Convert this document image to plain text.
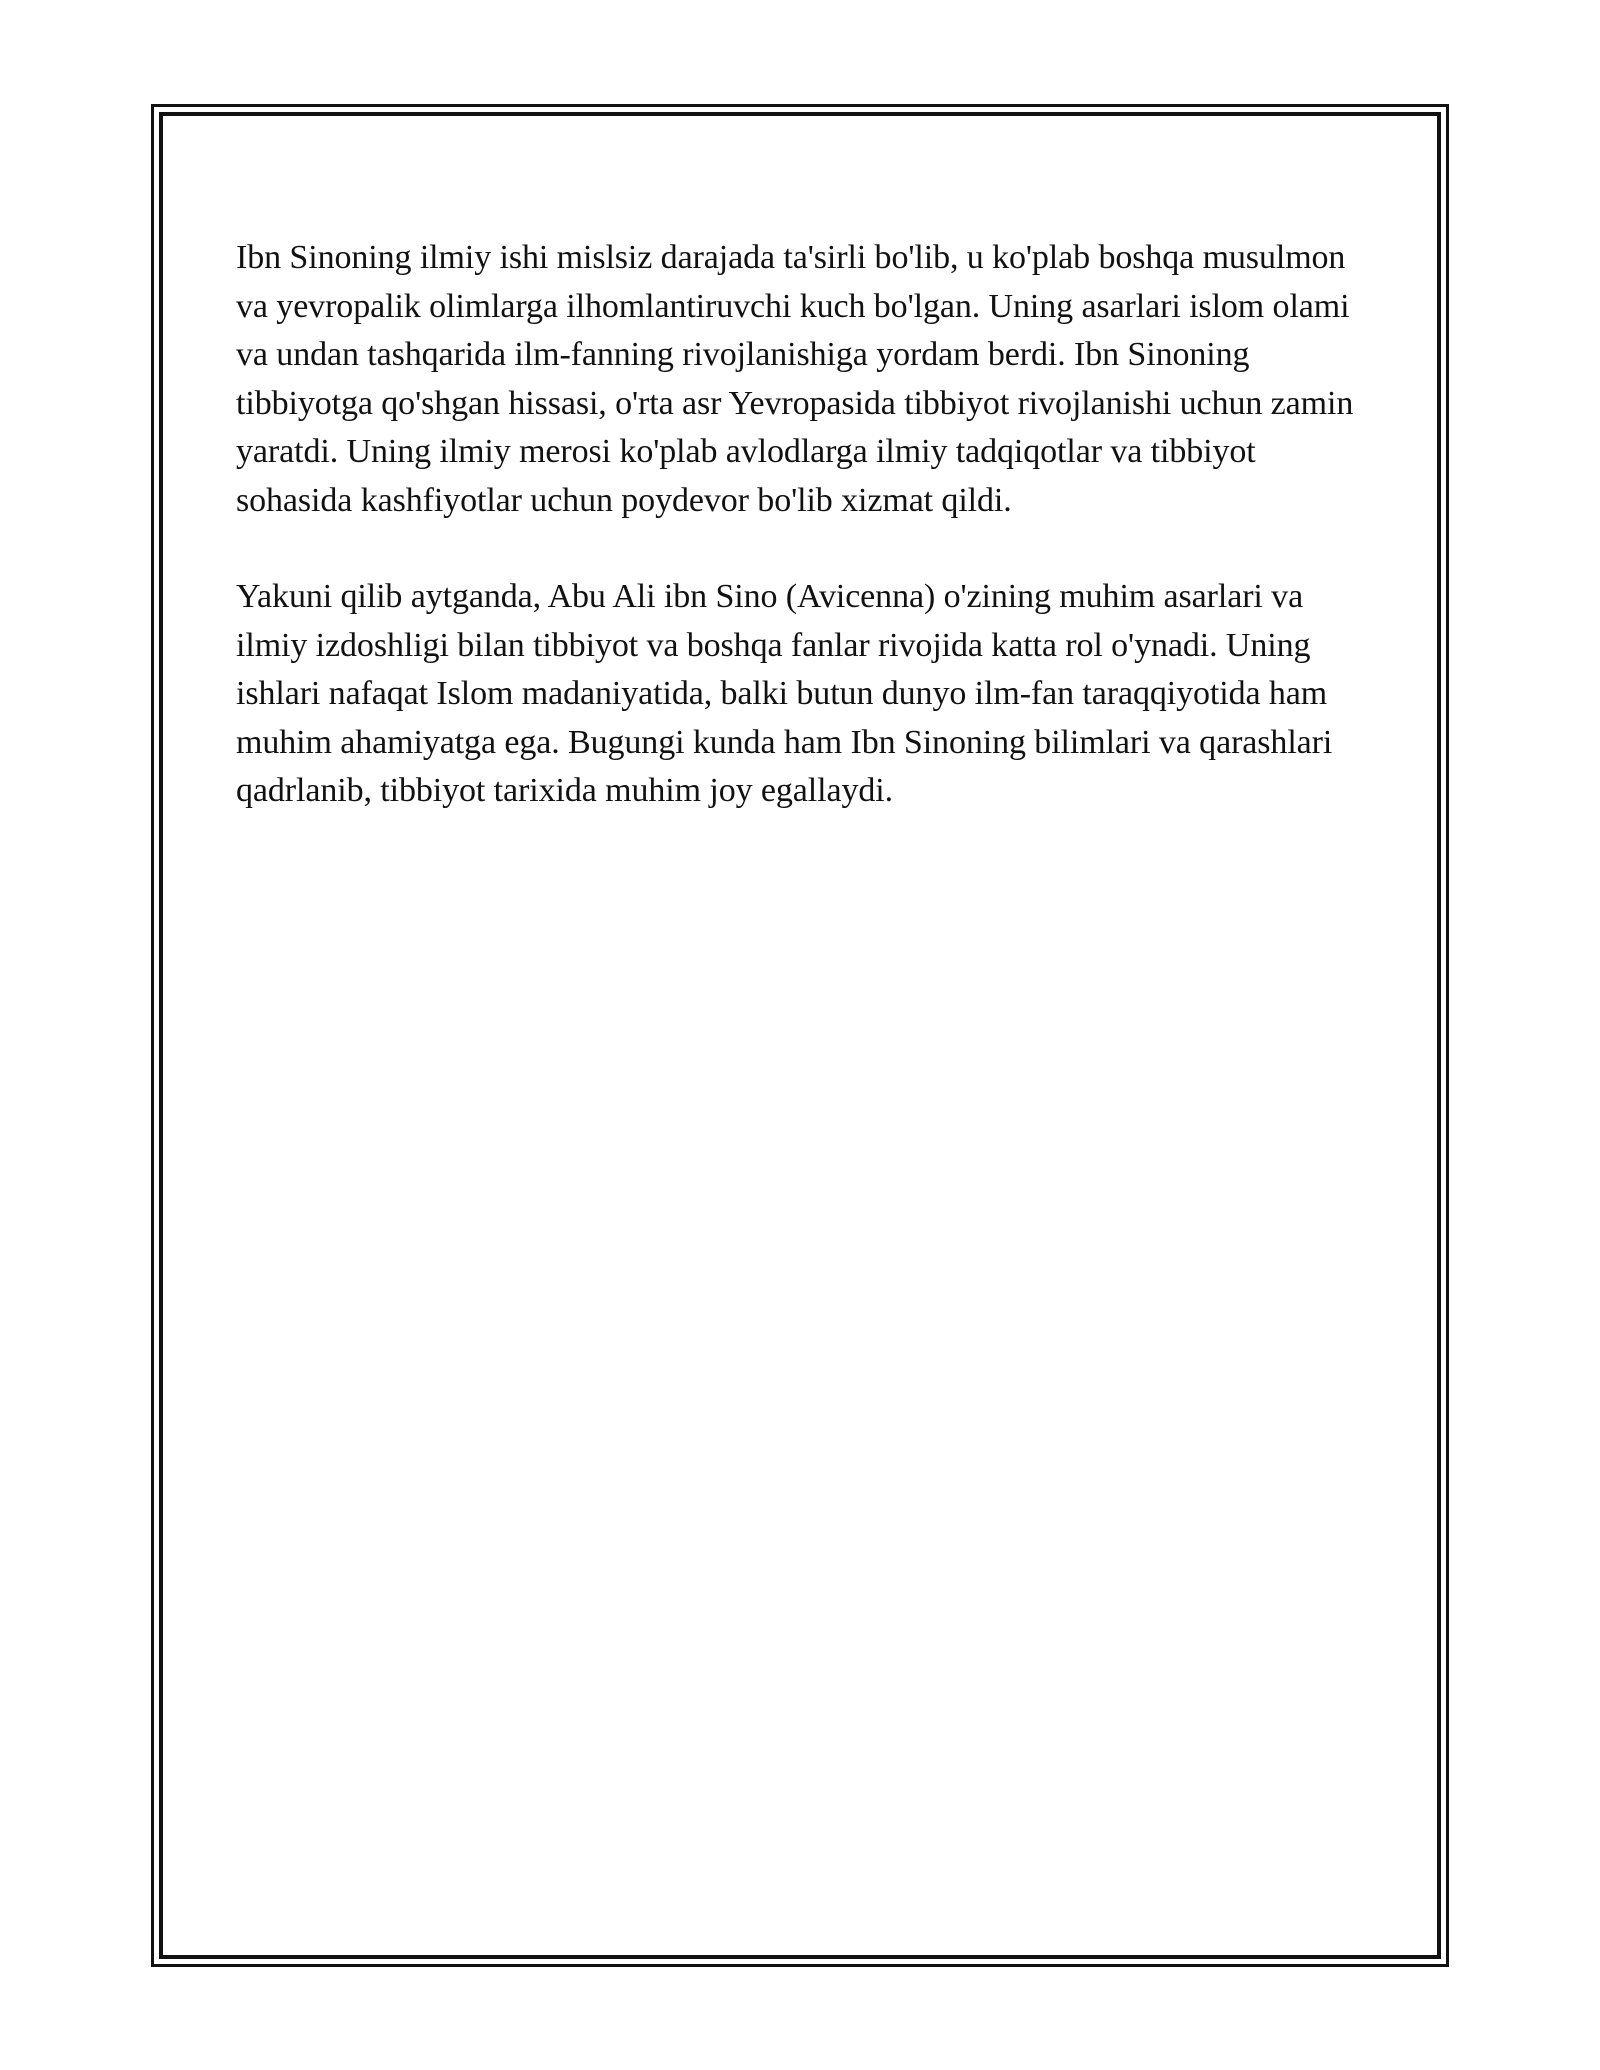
Ibn Sinoning ilmiy ishi mislsiz darajada ta'sirli bo'lib, u ko'plab boshqa musulmon va yevropalik olimlarga ilhomlantiruvchi kuch bo'lgan. Uning asarlari islom olami va undan tashqarida ilm-fanning rivojlanishiga yordam berdi. Ibn Sinoning tibbiyotga qo'shgan hissasi, o'rta asr Yevropasida tibbiyot rivojlanishi uchun zamin yaratdi. Uning ilmiy merosi ko'plab avlodlarga ilmiy tadqiqotlar va tibbiyot sohasida kashfiyotlar uchun poydevor bo'lib xizmat qildi.

Yakuni qilib aytganda, Abu Ali ibn Sino (Avicenna) o'zining muhim asarlari va ilmiy izdoshligi bilan tibbiyot va boshqa fanlar rivojida katta rol o'ynadi. Uning ishlari nafaqat Islom madaniyatida, balki butun dunyo ilm-fan taraqqiyotida ham muhim ahamiyatga ega. Bugungi kunda ham Ibn Sinoning bilimlari va qarashlari qadrlanib, tibbiyot tarixida muhim joy egallaydi.
